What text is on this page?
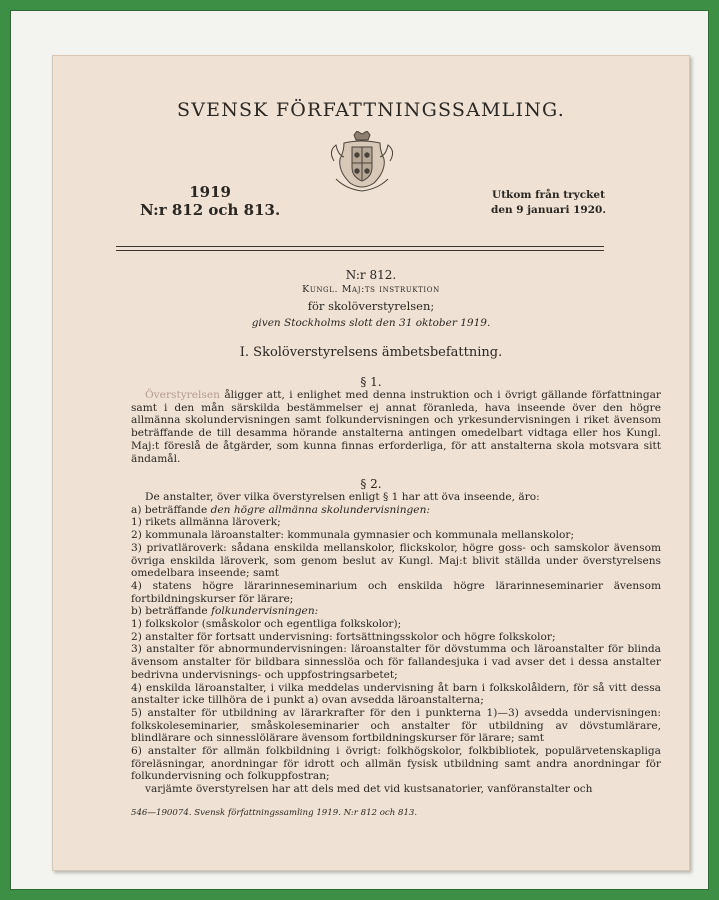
SVENSK FÖRFATTNINGSSAMLING.
1919
N:r 812 och 813.
Utkom från trycket
den 9 januari 1920.
N:r 812.
Kungl. Maj:ts instruktion
för skolöverstyrelsen;
given Stockholms slott den 31 oktober 1919.
I. Skolöverstyrelsens ämbetsbefattning.
§ 1.

Överstyrelsen åligger att, i enlighet med denna instruktion och i övrigt gällande författningar samt i den mån särskilda bestämmelser ej annat föranleda, hava inseende över den högre allmänna skolundervisningen samt folkundervisningen och yrkesundervisningen i riket ävensom beträffande de till desamma hörande anstalterna antingen omedelbart vidtaga eller hos Kungl. Maj:t föreslå de åtgärder, som kunna finnas erforderliga, för att anstalterna skola motsvara sitt ändamål.

§ 2.

De anstalter, över vilka överstyrelsen enligt § 1 har att öva inseende, äro:

a) beträffande den högre allmänna skolundervisningen:

1) rikets allmänna läroverk;

2) kommunala läroanstalter: kommunala gymnasier och kommunala mellanskolor;

3) privatläroverk: sådana enskilda mellanskolor, flickskolor, högre goss- och samskolor ävensom övriga enskilda läroverk, som genom beslut av Kungl. Maj:t blivit ställda under överstyrelsens omedelbara inseende; samt

4) statens högre lärarinneseminarium och enskilda högre lärarinneseminarier ävensom fortbildningskurser för lärare;

b) beträffande folkundervisningen:

1) folkskolor (småskolor och egentliga folkskolor);

2) anstalter för fortsatt undervisning: fortsättningsskolor och högre folkskolor;

3) anstalter för abnormundervisningen: läroanstalter för dövstumma och läroanstalter för blinda ävensom anstalter för bildbara sinnesslöa och för fallandesjuka i vad avser det i dessa anstalter bedrivna undervisnings- och uppfostringsarbetet;

4) enskilda läroanstalter, i vilka meddelas undervisning åt barn i folkskolåldern, för så vitt dessa anstalter icke tillhöra de i punkt a) ovan avsedda läroanstalterna;

5) anstalter för utbildning av lärarkrafter för den i punkterna 1)—3) avsedda undervisningen: folkskoleseminarier, småskoleseminarier och anstalter för utbildning av dövstumlärare, blindlärare och sinnesslölärare ävensom fortbildningskurser för lärare; samt

6) anstalter för allmän folkbildning i övrigt: folkhögskolor, folkbibliotek, populärvetenskapliga föreläsningar, anordningar för idrott och allmän fysisk utbildning samt andra anordningar för folkundervisning och folkuppfostran;

varjämte överstyrelsen har att dels med det vid kustsanatorier, vanföranstalter och

546—190074. Svensk författningssamling 1919. N:r 812 och 813.
